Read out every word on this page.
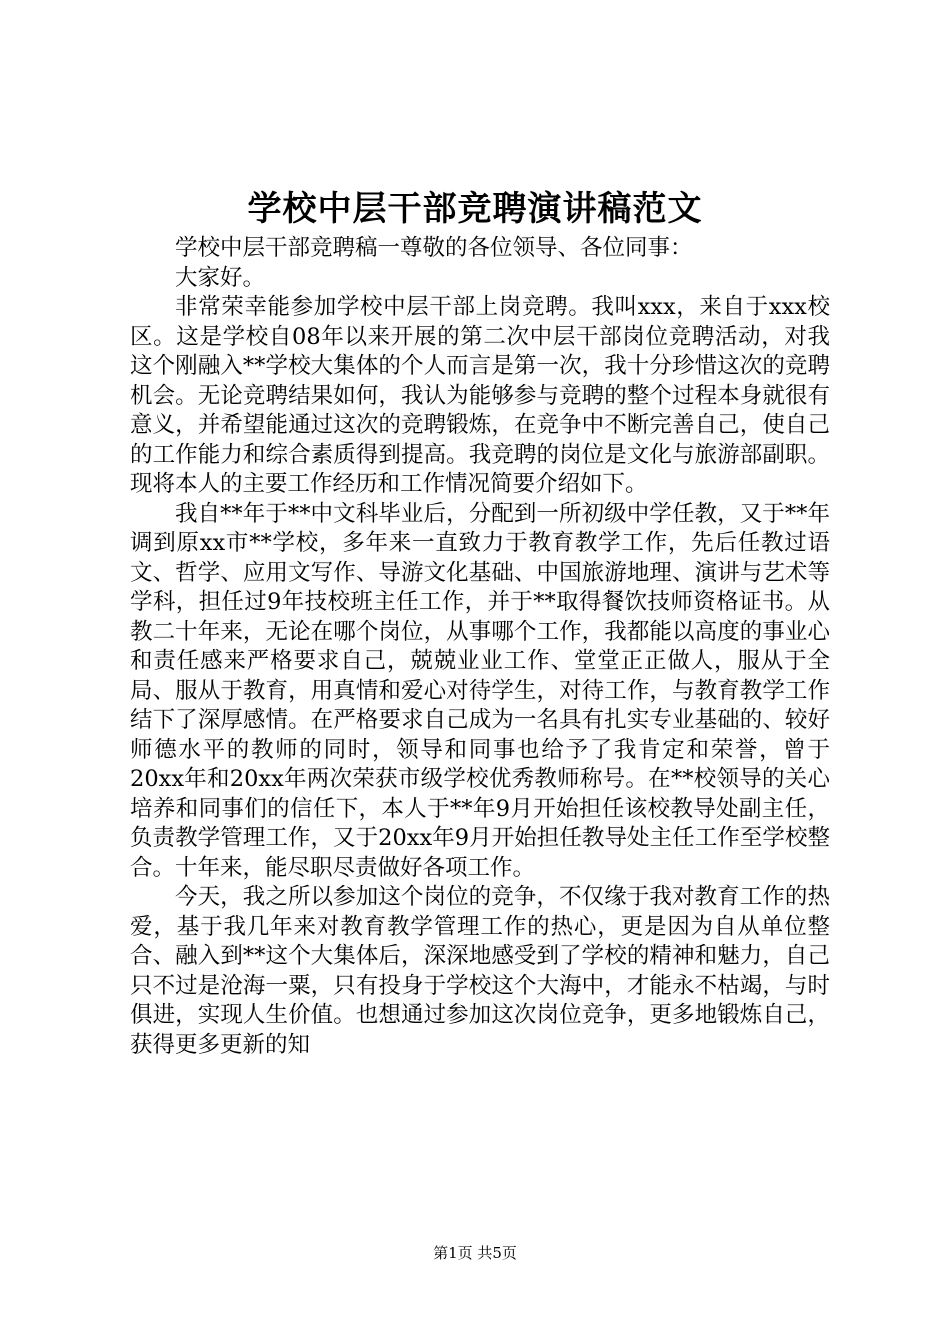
学校中层干部竞聘演讲稿范文

学校中层干部竞聘稿一尊敬的各位领导、各位同事：

大家好。

非常荣幸能参加学校中层干部上岗竞聘。我叫xxx，来自于xxx校区。这是学校自08年以来开展的第二次中层干部岗位竞聘活动，对我这个刚融入**学校大集体的个人而言是第一次，我十分珍惜这次的竞聘机会。无论竞聘结果如何，我认为能够参与竞聘的整个过程本身就很有意义，并希望能通过这次的竞聘锻炼，在竞争中不断完善自己，使自己的工作能力和综合素质得到提高。我竞聘的岗位是文化与旅游部副职。现将本人的主要工作经历和工作情况简要介绍如下。

我自**年于**中文科毕业后，分配到一所初级中学任教，又于**年调到原xx市**学校，多年来一直致力于教育教学工作，先后任教过语文、哲学、应用文写作、导游文化基础、中国旅游地理、演讲与艺术等学科，担任过9年技校班主任工作，并于**取得餐饮技师资格证书。从教二十年来，无论在哪个岗位，从事哪个工作，我都能以高度的事业心和责任感来严格要求自己，兢兢业业工作、堂堂正正做人，服从于全局、服从于教育，用真情和爱心对待学生，对待工作，与教育教学工作结下了深厚感情。在严格要求自己成为一名具有扎实专业基础的、较好师德水平的教师的同时，领导和同事也给予了我肯定和荣誉，曾于20xx年和20xx年两次荣获市级学校优秀教师称号。在**校领导的关心培养和同事们的信任下，本人于**年9月开始担任该校教导处副主任，负责教学管理工作，又于20xx年9月开始担任教导处主任工作至学校整合。十年来，能尽职尽责做好各项工作。

今天，我之所以参加这个岗位的竞争，不仅缘于我对教育工作的热爱，基于我几年来对教育教学管理工作的热心，更是因为自从单位整合、融入到**这个大集体后，深深地感受到了学校的精神和魅力，自己只不过是沧海一粟，只有投身于学校这个大海中，才能永不枯竭，与时俱进，实现人生价值。也想通过参加这次岗位竞争，更多地锻炼自己，获得更多更新的知

第1页 共5页
